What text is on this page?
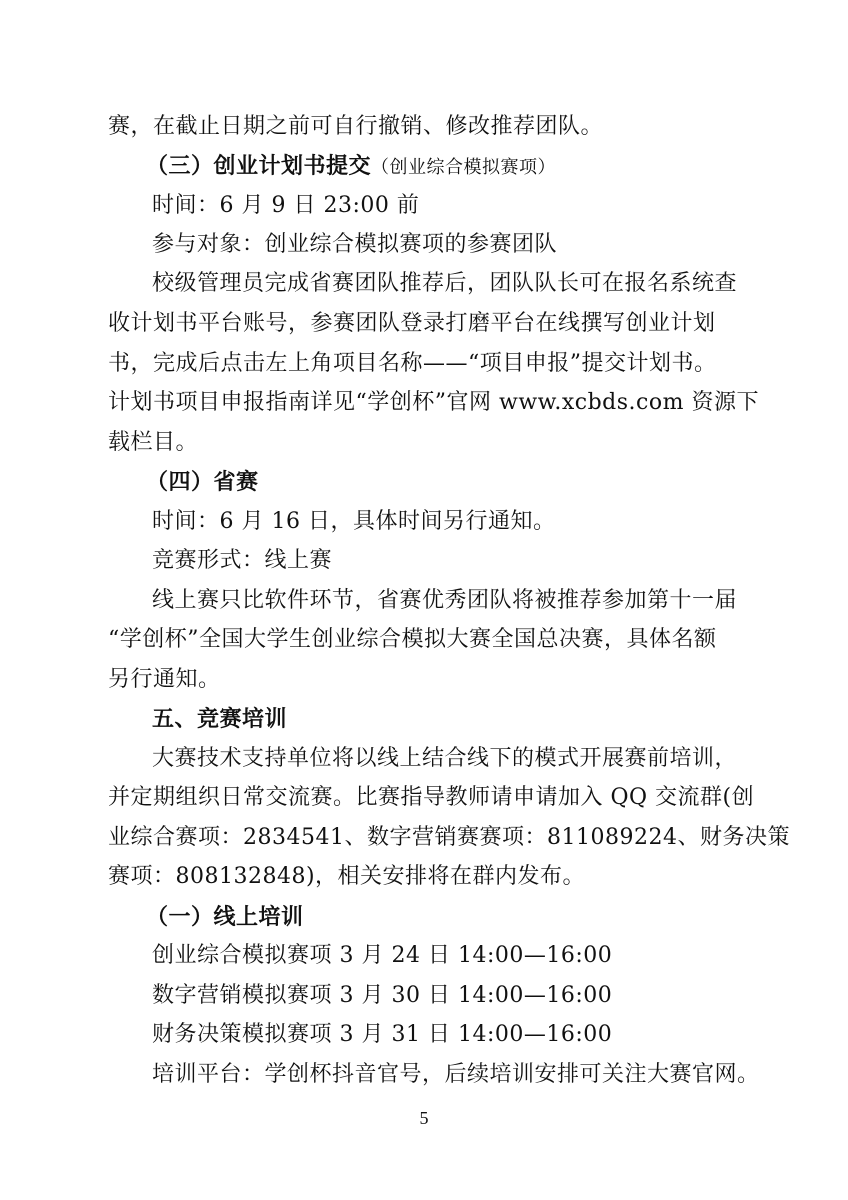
赛，在截止日期之前可自行撤销、修改推荐团队。
（三）创业计划书提交（创业综合模拟赛项）
时间：6 月 9 日 23:00 前
参与对象：创业综合模拟赛项的参赛团队
校级管理员完成省赛团队推荐后，团队队长可在报名系统查
收计划书平台账号，参赛团队登录打磨平台在线撰写创业计划
书，完成后点击左上角项目名称——“项目申报”提交计划书。
计划书项目申报指南详见“学创杯”官网 www.xcbds.com 资源下
载栏目。
（四）省赛
时间：6 月 16 日，具体时间另行通知。
竞赛形式：线上赛
线上赛只比软件环节，省赛优秀团队将被推荐参加第十一届
“学创杯”全国大学生创业综合模拟大赛全国总决赛，具体名额
另行通知。
五、竞赛培训
大赛技术支持单位将以线上结合线下的模式开展赛前培训，
并定期组织日常交流赛。比赛指导教师请申请加入 QQ 交流群(创
业综合赛项：2834541、数字营销赛赛项：811089224、财务决策
赛项：808132848)，相关安排将在群内发布。
（一）线上培训
创业综合模拟赛项 3 月 24 日 14:00—16:00
数字营销模拟赛项 3 月 30 日 14:00—16:00
财务决策模拟赛项 3 月 31 日 14:00—16:00
培训平台：学创杯抖音官号，后续培训安排可关注大赛官网。
5
